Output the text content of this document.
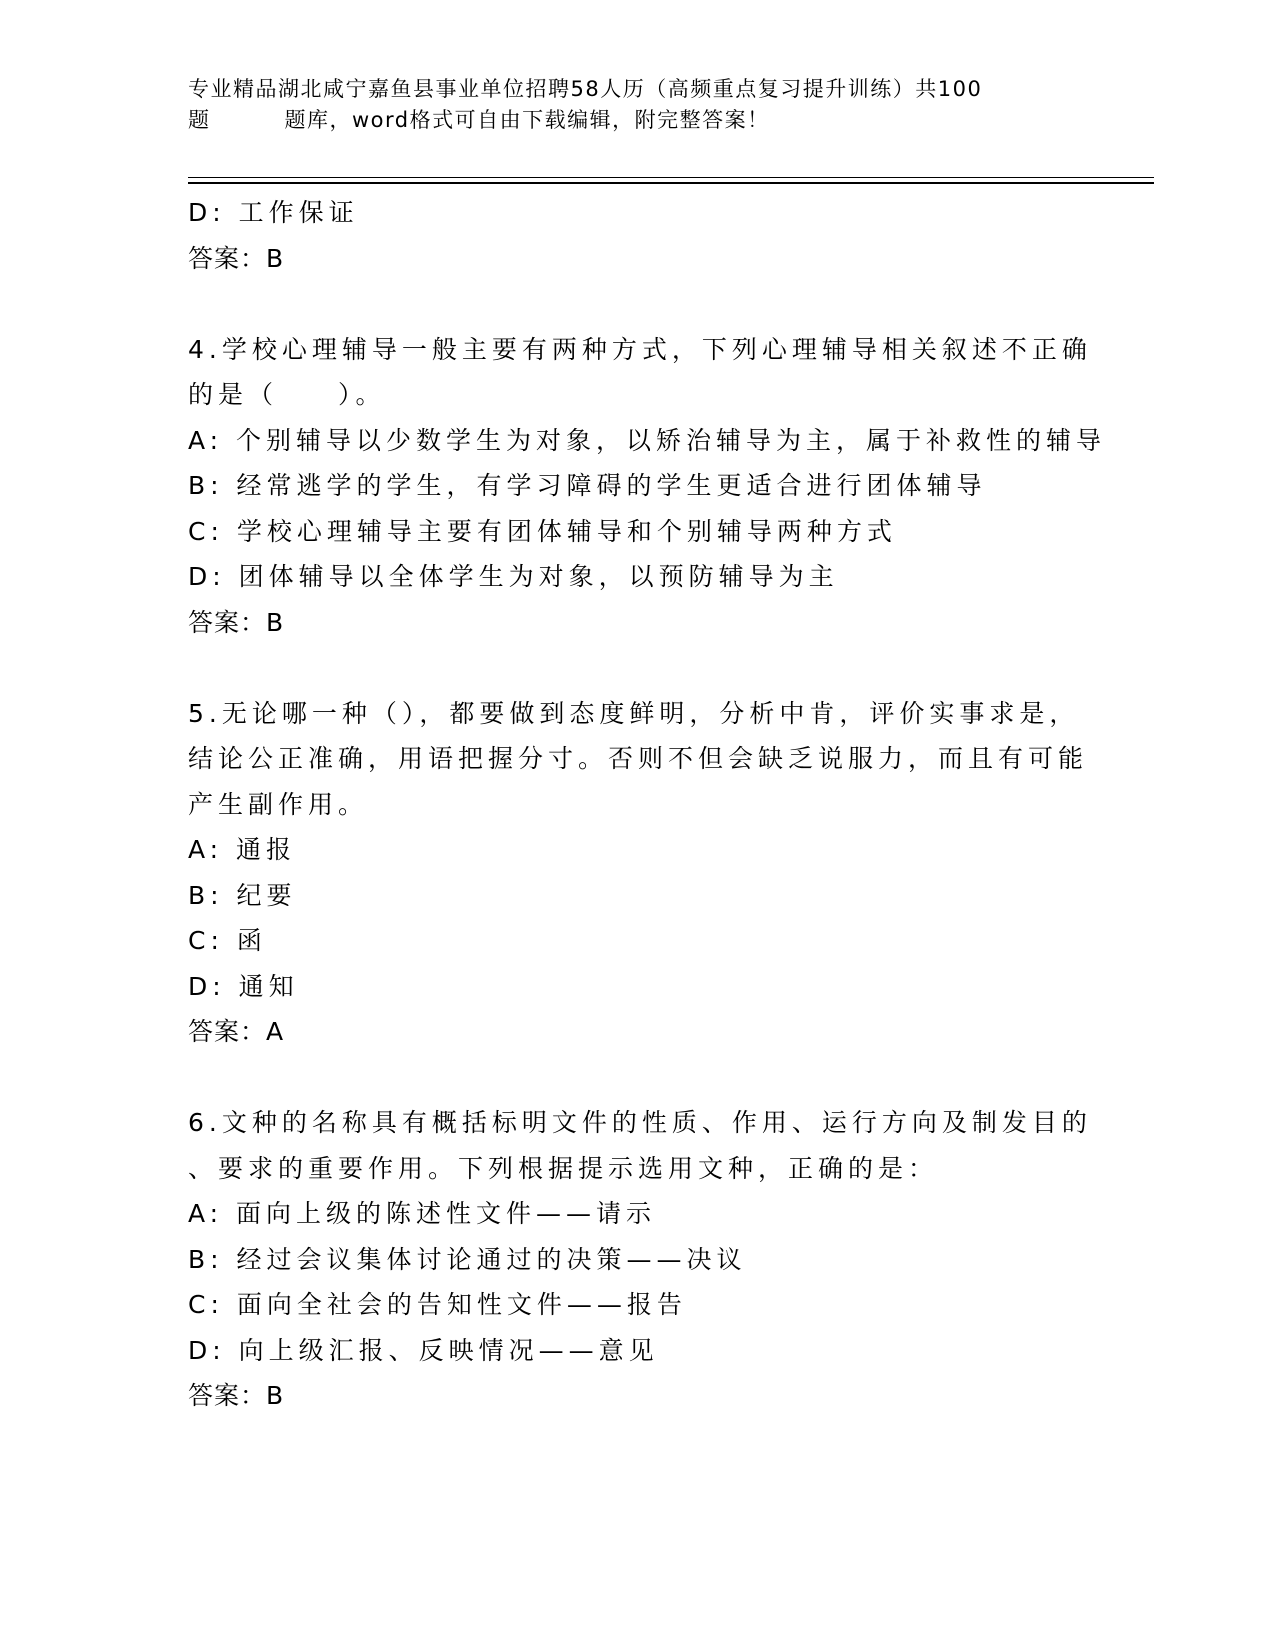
专业精品湖北咸宁嘉鱼县事业单位招聘58人历（高频重点复习提升训练）共100
题	题库，word格式可自由下载编辑，附完整答案！
D: 工作保证
答案：B
4.学校心理辅导一般主要有两种方式，下列心理辅导相关叙述不正确
的是（　　）。
A: 个别辅导以少数学生为对象，以矫治辅导为主，属于补救性的辅导
B: 经常逃学的学生，有学习障碍的学生更适合进行团体辅导
C: 学校心理辅导主要有团体辅导和个别辅导两种方式
D: 团体辅导以全体学生为对象，以预防辅导为主
答案：B
5.无论哪一种（），都要做到态度鲜明，分析中肯，评价实事求是，
结论公正准确，用语把握分寸。否则不但会缺乏说服力，而且有可能
产生副作用。
A: 通报
B: 纪要
C: 函
D: 通知
答案：A
6.文种的名称具有概括标明文件的性质、作用、运行方向及制发目的
、要求的重要作用。下列根据提示选用文种，正确的是：
A: 面向上级的陈述性文件——请示
B: 经过会议集体讨论通过的决策——决议
C: 面向全社会的告知性文件——报告
D: 向上级汇报、反映情况——意见
答案：B
